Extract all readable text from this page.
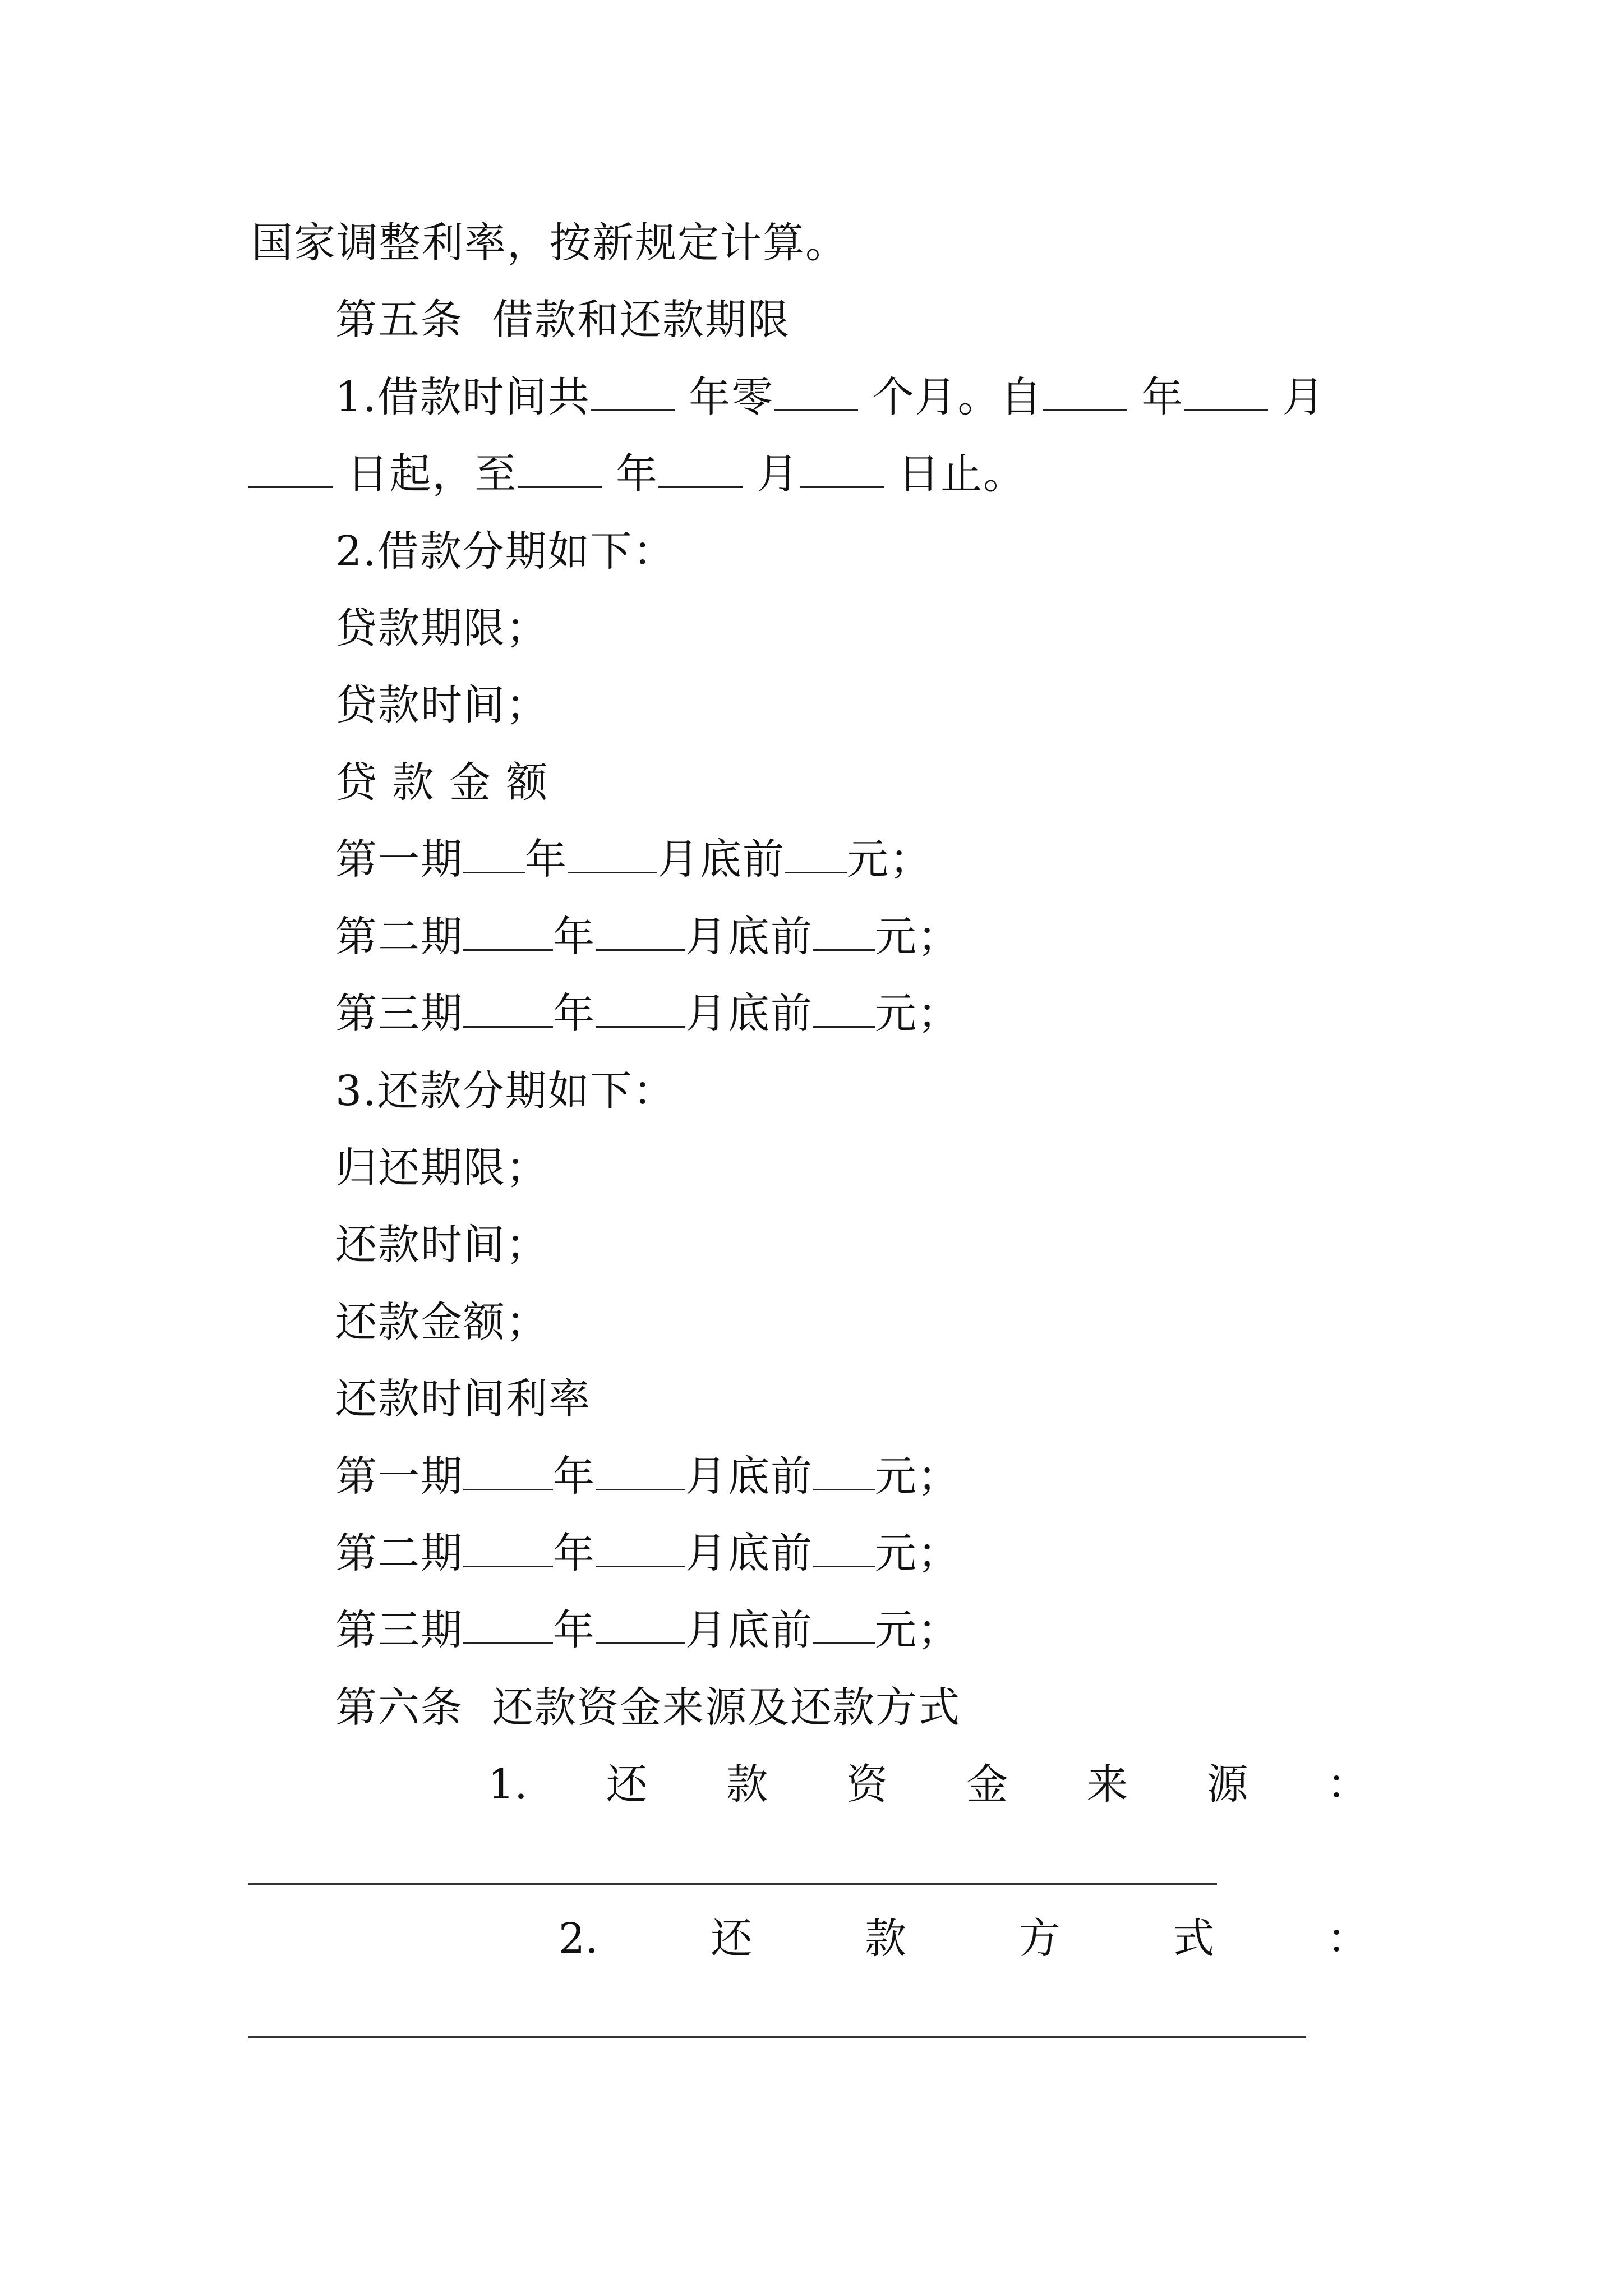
国家调整利率，按新规定计算。
第五条  借款和还款期限
1.借款时间共 年零 个月。自 年 月
日起，至 年 月 日止。
2.借款分期如下：
贷款期限；
贷款时间；
贷 款 金 额
第一期 年 月底前 元；
第二期 年 月底前 元；
第三期 年 月底前 元；
3.还款分期如下：
归还期限；
还款时间；
还款金额；
还款时间利率
第一期 年 月底前 元；
第二期 年 月底前 元；
第三期 年 月底前 元；
第六条  还款资金来源及还款方式
1. 还 款 资 金 来 源 ：
2.	还	款	方	式	：
